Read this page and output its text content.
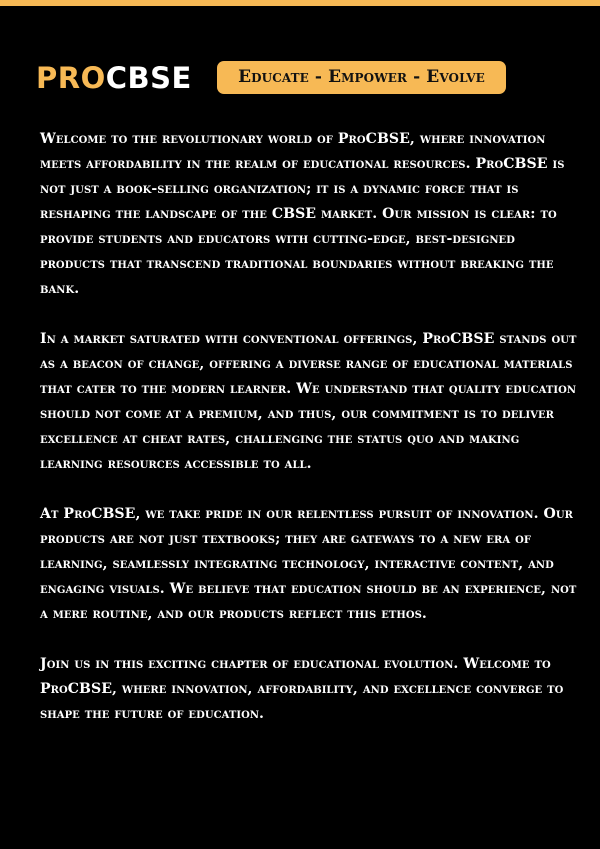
PROCBSE	Educate - Empower - Evolve

Welcome to the revolutionary world of ProCBSE, where innovation meets affordability in the realm of educational resources. ProCBSE is not just a book-selling organization; it is a dynamic force that is reshaping the landscape of the CBSE market. Our mission is clear: to provide students and educators with cutting-edge, best-designed products that transcend traditional boundaries without breaking the bank.

In a market saturated with conventional offerings, ProCBSE stands out as a beacon of change, offering a diverse range of educational materials that cater to the modern learner. We understand that quality education should not come at a premium, and thus, our commitment is to deliver excellence at cheat rates, challenging the status quo and making learning resources accessible to all.

At ProCBSE, we take pride in our relentless pursuit of innovation. Our products are not just textbooks; they are gateways to a new era of learning, seamlessly integrating technology, interactive content, and engaging visuals. We believe that education should be an experience, not a mere routine, and our products reflect this ethos.

Join us in this exciting chapter of educational evolution. Welcome to ProCBSE, where innovation, affordability, and excellence converge to shape the future of education.
